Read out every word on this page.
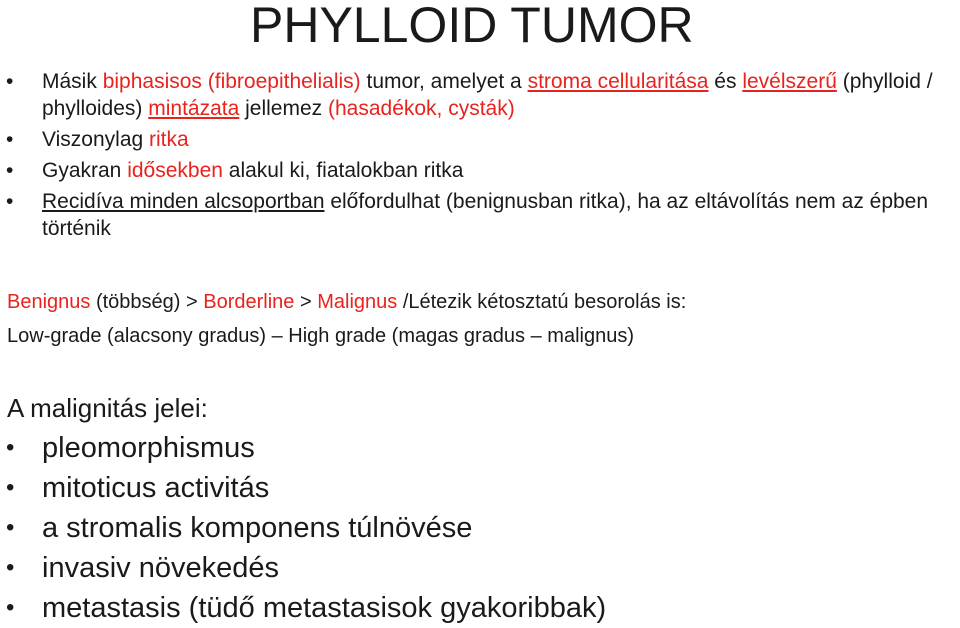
PHYLLOID TUMOR
• Másik biphasisos (fibroepithelialis) tumor, amelyet a stroma cellularitása és levélszerű (phylloid / phylloides) mintázata jellemez (hasadékok, cysták)
• Viszonylag ritka
• Gyakran idősekben alakul ki, fiatalokban ritka
• Recidíva minden alcsoportban előfordulhat (benignusban ritka), ha az eltávolítás nem az épben történik
Benignus (többség) > Borderline > Malignus /Létezik kétosztatú besorolás is:
Low-grade (alacsony gradus) – High grade (magas gradus – malignus)
A malignitás jelei:
• pleomorphismus
• mitoticus activitás
• a stromalis komponens túlnövése
• invasiv növekedés
• metastasis (tüdő metastasisok gyakoribbak)
